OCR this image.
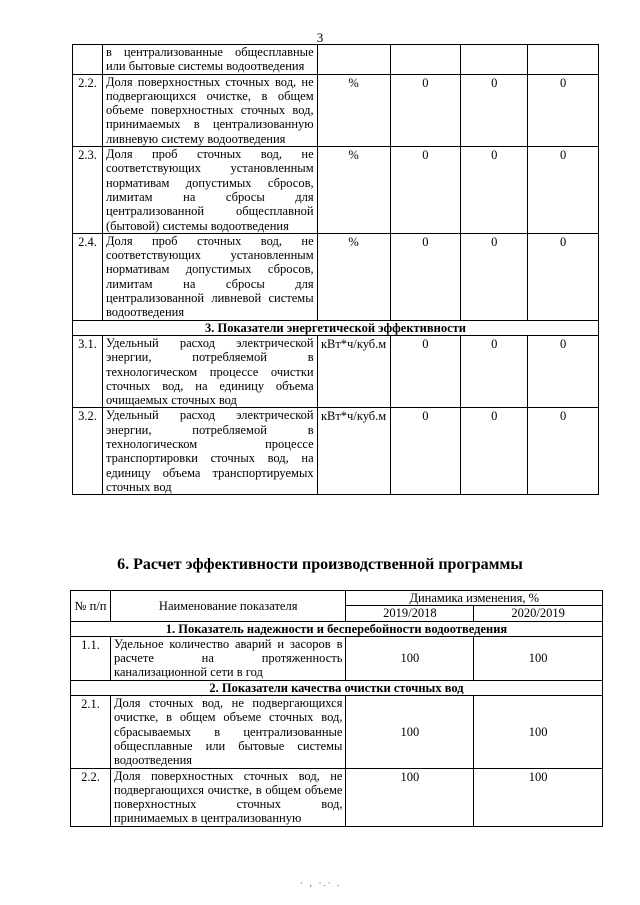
3
	в централизованные общесплавные или бытовые системы водоотведения				
2.2.	Доля поверхностных сточных вод, не подвергающихся очистке, в общем объеме поверхностных сточных вод, принимаемых в централизованную ливневую систему водоотведения	%	0	0	0
2.3.	Доля проб сточных вод, не соответствующих установленным нормативам допустимых сбросов, лимитам на сбросы для централизованной общесплавной (бытовой) системы водоотведения	%	0	0	0
2.4.	Доля проб сточных вод, не соответствующих установленным нормативам допустимых сбросов, лимитам на сбросы для централизованной ливневой системы водоотведения	%	0	0	0
3. Показатели энергетической эффективности					
3.1.	Удельный расход электрической энергии, потребляемой в технологическом процессе очистки сточных вод, на единицу объема очищаемых сточных вод	кВт*ч/куб.м	0	0	0
3.2.	Удельный расход электрической энергии, потребляемой в технологическом процессе транспортировки сточных вод, на единицу объема транспортируемых сточных вод	кВт*ч/куб.м	0	0	0
6. Расчет эффективности производственной программы
№ п/п	Наименование показателя	Динамика изменения, %	
		2019/2018	2020/2019
1. Показатель надежности и бесперебойности водоотведения			
1.1.	Удельное количество аварий и засоров в расчете на протяженность канализационной сети в год	100	100
2. Показатели качества очистки сточных вод			
2.1.	Доля сточных вод, не подвергающихся очистке, в общем объеме сточных вод, сбрасываемых в централизованные общесплавные или бытовые системы водоотведения	100	100
2.2.	Доля поверхностных сточных вод, не подвергающихся очистке, в общем объеме поверхностных сточных вод, принимаемых в централизованную	100	100
· ‚ ·.· .
